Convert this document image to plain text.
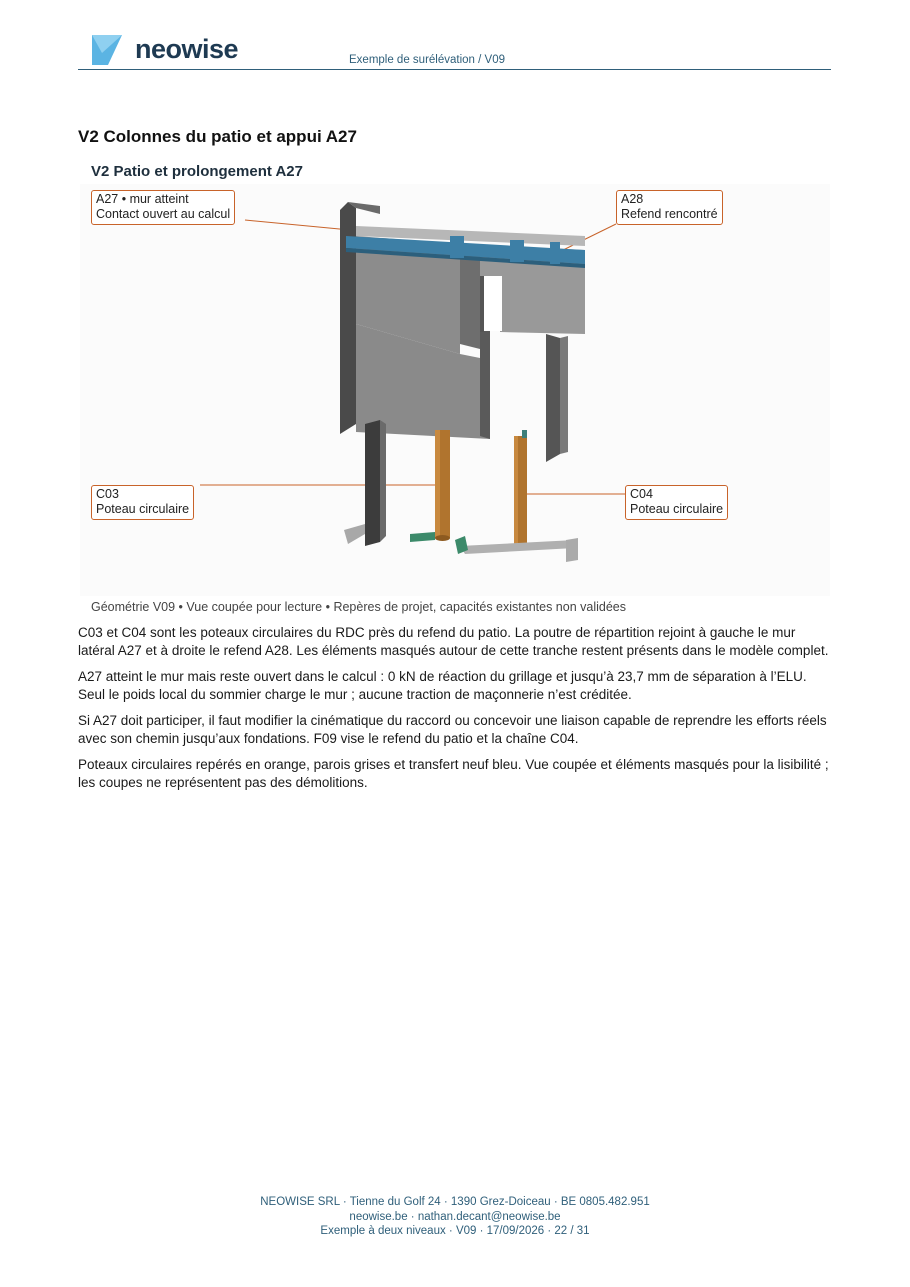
neowise	Exemple de surélévation / V09
V2 Colonnes du patio et appui A27
V2 Patio et prolongement A27
A27 • mur atteint
Contact ouvert au calcul
A28
Refend rencontré
C03
Poteau circulaire
C04
Poteau circulaire
Géométrie V09 • Vue coupée pour lecture • Repères de projet, capacités existantes non validées

C03 et C04 sont les poteaux circulaires du RDC près du refend du patio. La poutre de répartition rejoint à gauche le mur latéral A27 et à droite le refend A28. Les éléments masqués autour de cette tranche restent présents dans le modèle complet.

A27 atteint le mur mais reste ouvert dans le calcul : 0 kN de réaction du grillage et jusqu’à 23,7 mm de séparation à l’ELU. Seul le poids local du sommier charge le mur ; aucune traction de maçonnerie n’est créditée.

Si A27 doit participer, il faut modifier la cinématique du raccord ou concevoir une liaison capable de reprendre les efforts réels avec son chemin jusqu’aux fondations. F09 vise le refend du patio et la chaîne C04.

Poteaux circulaires repérés en orange, parois grises et transfert neuf bleu. Vue coupée et éléments masqués pour la lisibilité ; les coupes ne représentent pas des démolitions.

NEOWISE SRL · Tienne du Golf 24 · 1390 Grez-Doiceau · BE 0805.482.951
neowise.be · nathan.decant@neowise.be
Exemple à deux niveaux · V09 · 17/09/2026 · 22 / 31
